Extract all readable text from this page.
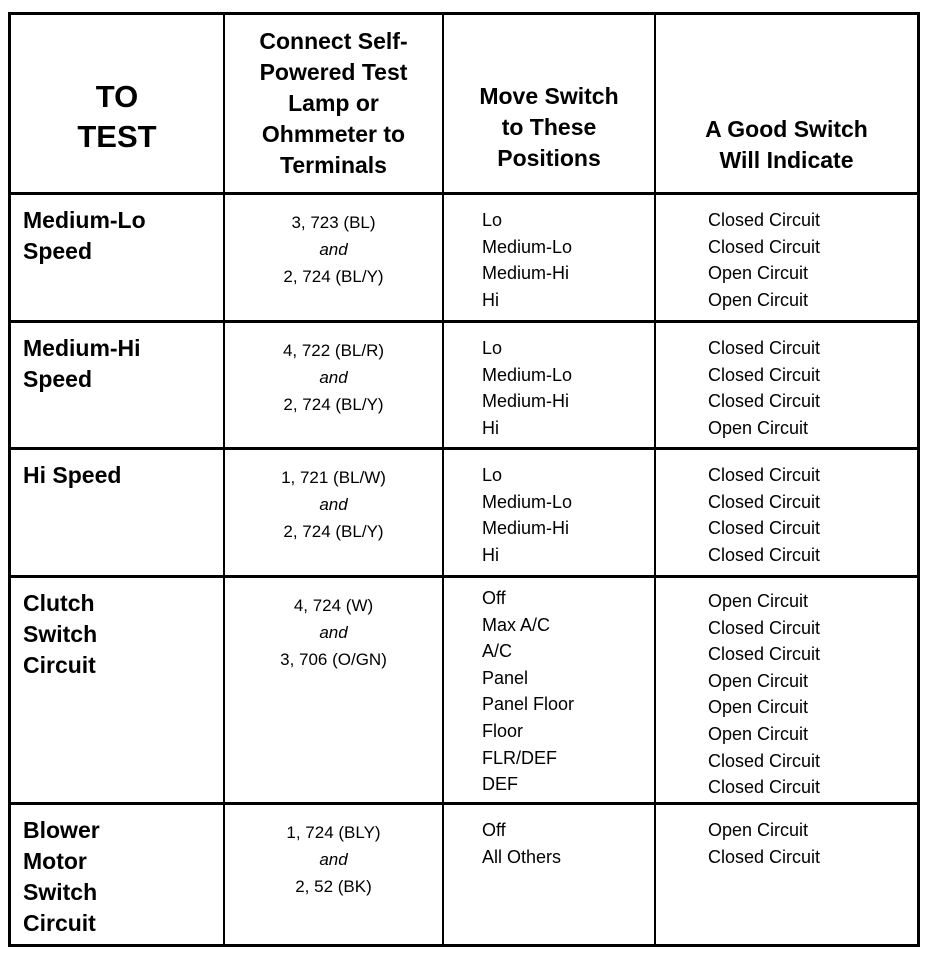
TO
TEST
Connect Self-
Powered Test
Lamp or
Ohmmeter to
Terminals
Move Switch
to These
Positions
A Good Switch
Will Indicate
Medium-Lo
Speed
3, 723 (BL)
and
2, 724 (BL/Y)
Lo
Medium-Lo
Medium-Hi
Hi
Closed Circuit
Closed Circuit
Open Circuit
Open Circuit
Medium-Hi
Speed
4, 722 (BL/R)
and
2, 724 (BL/Y)
Lo
Medium-Lo
Medium-Hi
Hi
Closed Circuit
Closed Circuit
Closed Circuit
Open Circuit
Hi Speed	1, 721 (BL/W)
and
2, 724 (BL/Y)
Lo
Medium-Lo
Medium-Hi
Hi
Closed Circuit
Closed Circuit
Closed Circuit
Closed Circuit
Clutch
Switch
Circuit
4, 724 (W)
and
3, 706 (O/GN)
Off
Max A/C
A/C
Panel
Panel Floor
Floor
FLR/DEF
DEF
Open Circuit
Closed Circuit
Closed Circuit
Open Circuit
Open Circuit
Open Circuit
Closed Circuit
Closed Circuit
Blower
Motor
Switch
Circuit
1, 724 (BLY)
and
2, 52 (BK)
Off
All Others
Open Circuit
Closed Circuit
